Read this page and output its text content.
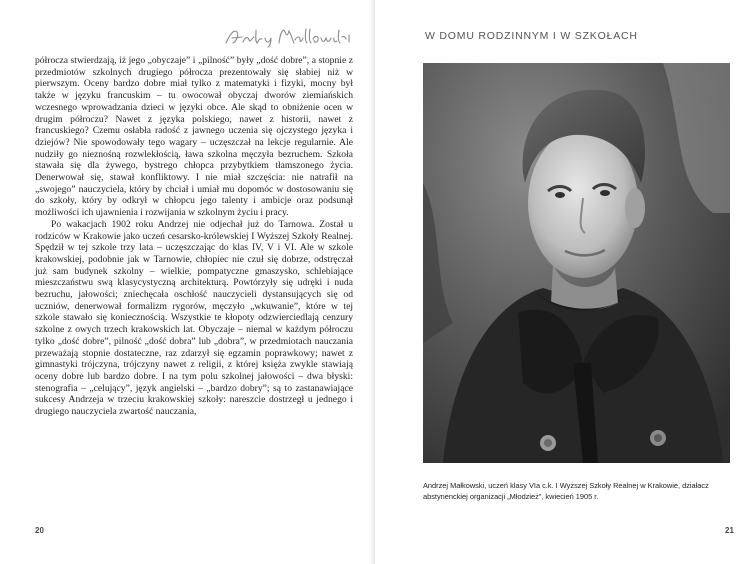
półrocza stwierdzają, iż jego „obyczaje” i „pilność” były „dość dobre”, a stopnie z przedmiotów szkolnych drugiego półrocza prezentowały się słabiej niż w pierwszym. Oceny bardzo dobre miał tylko z matematyki i fizyki, mocny był także w języku francuskim – tu owocował obyczaj dworów ziemiańskich wczesnego wprowadzania dzieci w języki obce. Ale skąd to obniżenie ocen w drugim półroczu? Nawet z języka polskiego, nawet z historii, nawet z francuskiego? Czemu osłabła radość z jawnego uczenia się ojczystego języka i dziejów? Nie spowodowały tego wagary – uczęszczał na lekcje regularnie. Ale nudziły go nieznośną rozwlekłością, ława szkolna męczyła bezruchem. Szkoła stawała się dla żywego, bystrego chłopca przybytkiem tłamszonego życia. Denerwował się, stawał konfliktowy. I nie miał szczęścia: nie natrafił na „swojego” nauczyciela, który by chciał i umiał mu dopomóc w dostosowaniu się do szkoły, który by odkrył w chłopcu jego talenty i ambicje oraz podsunął możliwości ich ujawnienia i rozwijania w szkolnym życiu i pracy.

Po wakacjach 1902 roku Andrzej nie odjechał już do Tarnowa. Został u rodziców w Krakowie jako uczeń cesarsko-królewskiej I Wyższej Szkoły Realnej. Spędził w tej szkole trzy lata – uczęszczając do klas IV, V i VI. Ale w szkole krakowskiej, podobnie jak w Tarnowie, chłopiec nie czuł się dobrze, odstręczał już sam budynek szkolny – wielkie, pompatyczne gmaszysko, schlebiające mieszczaństwu swą klasycystyczną architekturą. Powtórzyły się udręki i nuda bezruchu, jałowości; zniechęcała oschłość nauczycieli dystansujących się od uczniów, denerwował formalizm rygorów, męczyło „wkuwanie”, które w tej szkole stawało się koniecznością. Wszystkie te kłopoty odzwierciedlają cenzury szkolne z owych trzech krakowskich lat. Obyczaje – niemal w każdym półroczu tylko „dość dobre”, pilność „dość dobra” lub „dobra”, w przedmiotach nauczania przeważają stopnie dostateczne, raz zdarzył się egzamin poprawkowy; nawet z gimnastyki trójczyna, trójczyny nawet z religii, z której księża zwykle stawiają oceny dobre lub bardzo dobre. I na tym polu szkolnej jałowości – dwa błyski: stenografia – „celujący”, język angielski – „bardzo dobry”; są to zastanawiające sukcesy Andrzeja w trzeciu krakowskiej szkoły: nareszcie dostrzegł u jednego i drugiego nauczyciela zwartość nauczania,

20
W DOMU RODZINNYM I W SZKOŁACH
Andrzej Małkowski, uczeń klasy VIa c.k. I Wyższej Szkoły Realnej w Krakowie, działacz abstynenckiej organizacji „Młodzież”, kwiecień 1905 r.
21
